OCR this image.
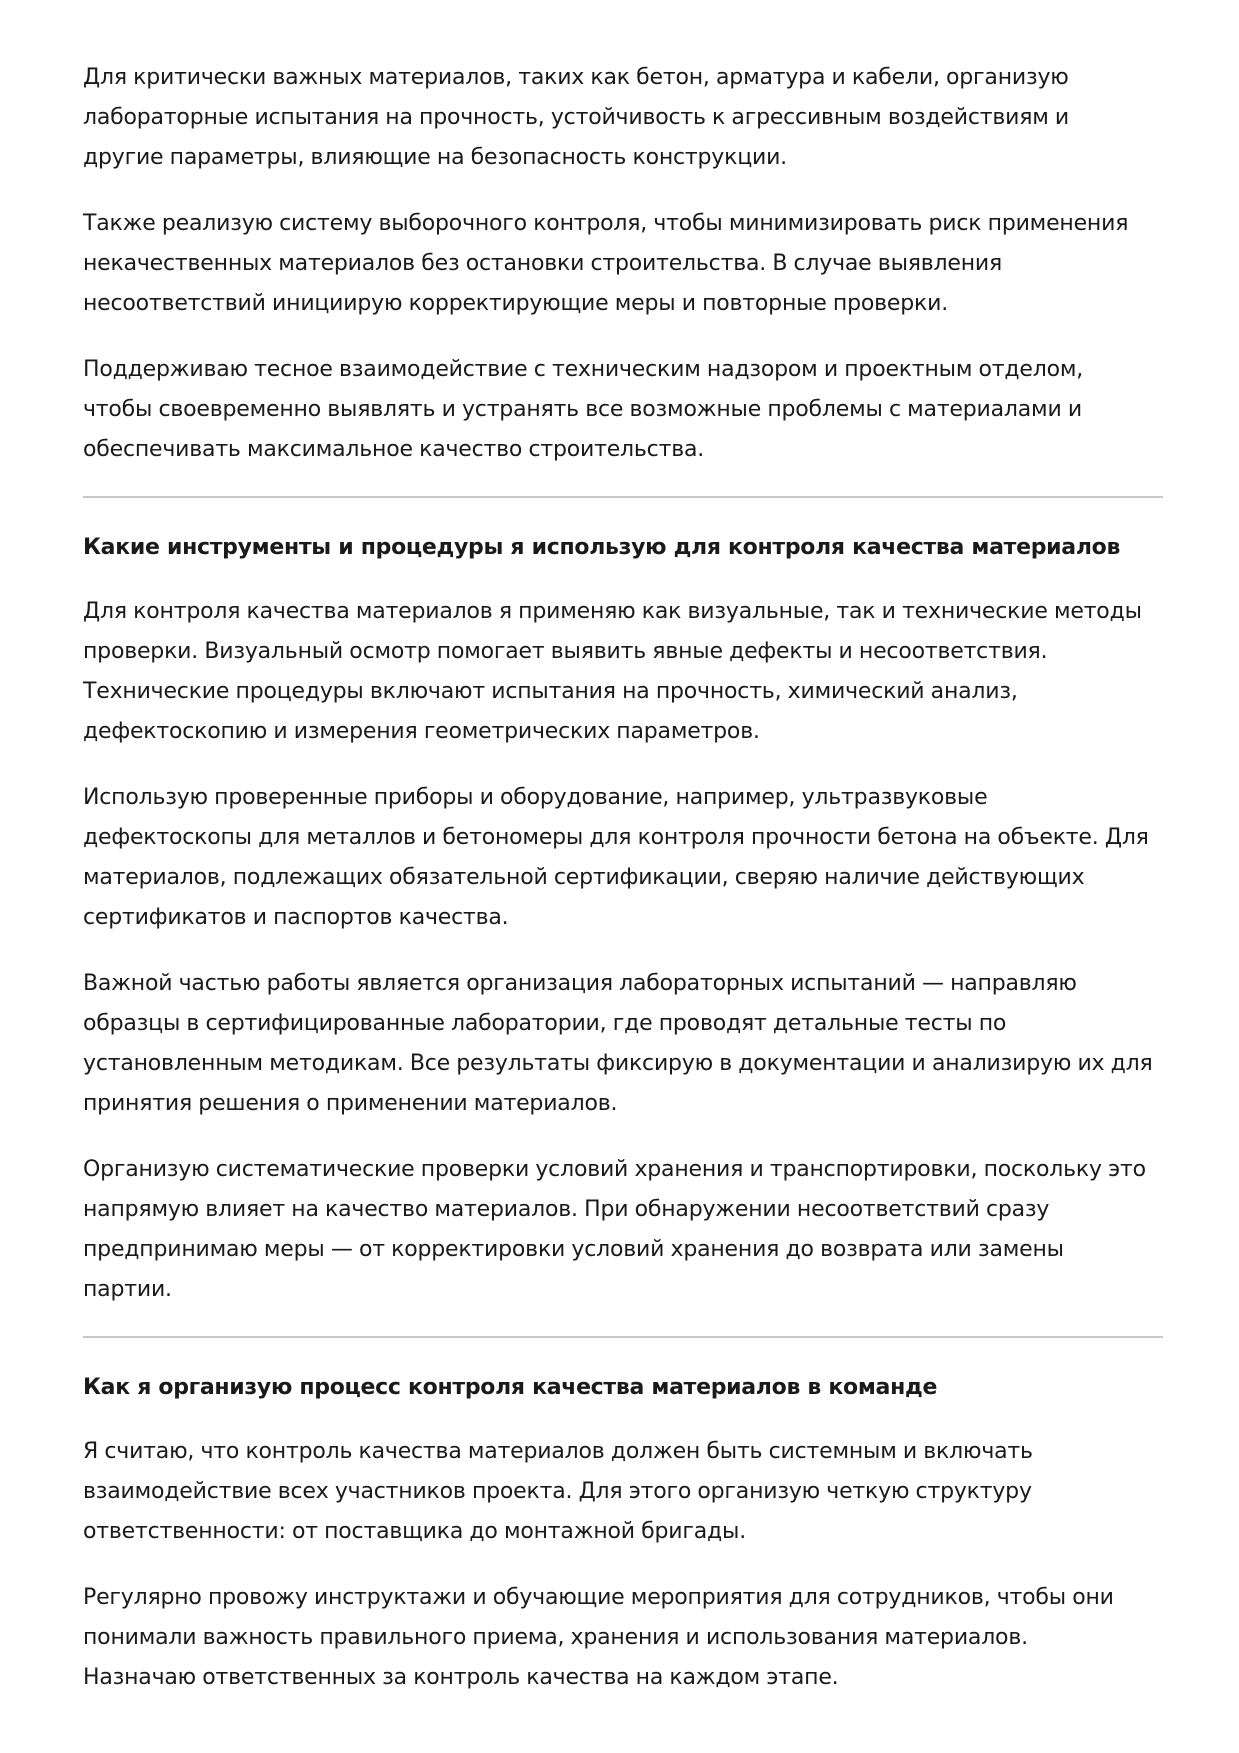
Для критически важных материалов, таких как бетон, арматура и кабели, организую
лабораторные испытания на прочность, устойчивость к агрессивным воздействиям и
другие параметры, влияющие на безопасность конструкции.

Также реализую систему выборочного контроля, чтобы минимизировать риск применения
некачественных материалов без остановки строительства. В случае выявления
несоответствий инициирую корректирующие меры и повторные проверки.

Поддерживаю тесное взаимодействие с техническим надзором и проектным отделом,
чтобы своевременно выявлять и устранять все возможные проблемы с материалами и
обеспечивать максимальное качество строительства.

Какие инструменты и процедуры я использую для контроля качества материалов

Для контроля качества материалов я применяю как визуальные, так и технические методы
проверки. Визуальный осмотр помогает выявить явные дефекты и несоответствия.
Технические процедуры включают испытания на прочность, химический анализ,
дефектоскопию и измерения геометрических параметров.

Использую проверенные приборы и оборудование, например, ультразвуковые
дефектоскопы для металлов и бетономеры для контроля прочности бетона на объекте. Для
материалов, подлежащих обязательной сертификации, сверяю наличие действующих
сертификатов и паспортов качества.

Важной частью работы является организация лабораторных испытаний — направляю
образцы в сертифицированные лаборатории, где проводят детальные тесты по
установленным методикам. Все результаты фиксирую в документации и анализирую их для
принятия решения о применении материалов.

Организую систематические проверки условий хранения и транспортировки, поскольку это
напрямую влияет на качество материалов. При обнаружении несоответствий сразу
предпринимаю меры — от корректировки условий хранения до возврата или замены
партии.

Как я организую процесс контроля качества материалов в команде

Я считаю, что контроль качества материалов должен быть системным и включать
взаимодействие всех участников проекта. Для этого организую четкую структуру
ответственности: от поставщика до монтажной бригады.

Регулярно провожу инструктажи и обучающие мероприятия для сотрудников, чтобы они
понимали важность правильного приема, хранения и использования материалов.
Назначаю ответственных за контроль качества на каждом этапе.
